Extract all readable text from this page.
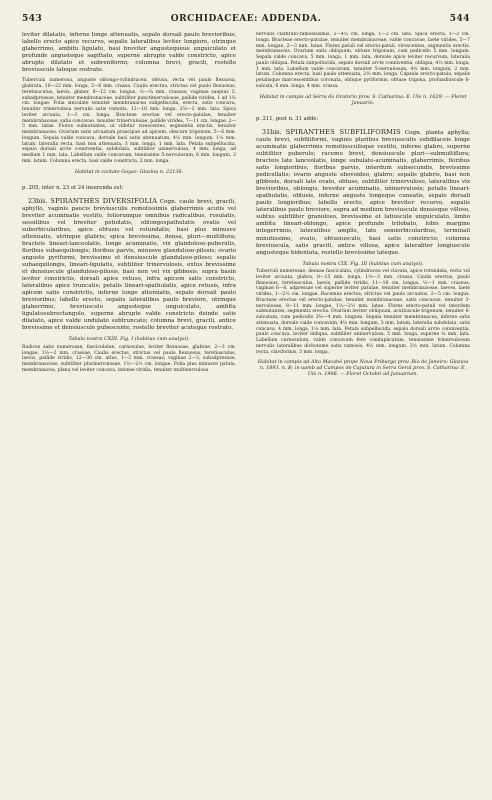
543	ORCHIDACEAE: ADDENDA.	544

leviter dilatatis, inferne longe attenuatis, sepalo dorsali paulo brevioribus; labello erecto apice recurvo, sepalis lateralibus leviter longiore, utrinque glaberrimo, ambitu ligulato, basi breviter angustequeue unguiculato et profunde angusteque sagittato, superne abrupte valde constricto, apice abrupte dilatato et subreniformi; columna brevi, gracili, rostello breviuscule lateque rostrato.

Tubercula numerosa, anguste oblongo-cylindracea, obtusa, recta vel paulo flexuosa, glabrata, 10—22 mm. longa, 2—6 mm. crassa. Caulis erectus, strictus vel paulo flexuosus, teretiusculus, laevis, glaber, 8—12 cm. longus, ¹⁄₂—³⁄₄ mm. crassus; vaginae saepius 3, subadpressae, tenuiter membranaceae, subtiliter punctimervulosae, pallide virides, 1 ad 1¹⁄₂ cm. longae. Folia sinculate tenuiter membranacea subpellucida, erecta, satis concava, tenuiter trinervulosa nervulis satis remotis, 12—16 mm. longa, 2³⁄₄—3 mm. lata. Spica leviter arcuata, 1—3 cm. longa. Bracteae erectae vel erecto-patulae, tenuiter membranaceae, satis concavae, tenuiter trinervulosae, pallide virides, 7—11 cm. longae, 2—3 mm. latae. Flores subnutantes, ut videtur virescentes, segmentis erectis, tenuiter membranaceis. Ovarium satis arcuatum praecipue ad apicem, obscure trigonum, 5—6 mm. longum. Sepala valde concava, dorsale basi satis attenuatum, 4¹⁄₂ mm. longum, 1¹⁄₂ mm. latum, lateralia recta, basi non attenuata, 3 mm. longa, 1 mm. lata. Petala subpellucida, sepalo dorsali arcte conniventia, subdolata, subtiliter uninervulosa, 4 mm. longa, ad medium 1 mm. lata. Labellum valde concavum, tenuissime 5-nervulosum, 6 mm. longum, 2 mm. latum. Columna erecta, basi valde constricta, 2 mm. longa.

Habitat in civitate Goyaz: Glaziou n. 22138.

p. 205, inter n. 23 et 24 inserenda est:

23bis. SPIRANTHES DIVERSIFOLIA Cogn. caule brevi, gracili, aphyllo, vaginis paucis breviusculis remotissimis glaberrimis acutis vel breviter acuminatis vestito, foliorumque omnibus radicalibus, rosulatis, sessilibus vel breviter petiolatis, oblongospathulatis ovatis vel suborbicularibus, apice obtusis vel rotundatis, basi plus minusve attenuatis, utrinque glabris; spica brevissima, densa, pluri—multiflora; bracteis lineari-lanceolatis, longe acuminatis, vix glandoloso-puberulis, floribus subaequilongis; floribus parvis, minusve glanduloso-pilosis; ovario anguste pyriformi, brevissime et densiuscule glanduloso-piloso; sepalis subaequilongis, lineari-ligulatis, subtiliter trinervulosis, extus brevissime et densiuscule glanduloso-pilosis, basi non vel vix gibbosis, supra basin leviter constrictis, dorsali apice retuso, infra apicem satis constricto, lateralibus apice truncatis; petalis lineari-spathulatis, apice retusis, infra apicem satis constrictis, inferne longe attenuatis, sepalo dorsali paulo brevioribus; labello erecto, sepalis lateralibus paulo breviore, utrinque glaberrimo, breviusculo angusteque unguiculato, ambitu ligulatosubrectangulo, superne abrupte valde constricto deinde satis dilatato, apice valde undulato subtruncato; columna brevi, gracili, antice brevissime et densiuscule pubescente, rostello breviter acuteque rostrato.

Tabula nostra CXIII. Fig. I (habitus cum analysi).

Radices satis numerosae, fasciculatae, carnosulae, leviter flexuosae, glabrae, 2—3 cm. longae, 1¹⁄₂—2 mm. crassae. Caulis erectus, strictus vel paulo flexuosus, teretiusculus, laevis, pallide viridis, 12—30 cm. altus, 1—2 mm. crassus; vaginae 2—3, subadpressae, membranaceae, subtiliter plurinervulosae, 1¹⁄₂—2¹⁄₂ cm. longae. Folia plus minusve patula, membranacea, plana vel leviter concava, intense viridia, tenuiter multinervulosa

nervulis clathrato-ramosissimis, 2—4¹⁄₂ cm. longa, 1—2 cm. lata. Spica erecta, 1—2 cm. longa. Bracteae erecto-patulae, tenuiter membranaceae, valde concavae, laete virides, 5—7 mm. longae, 2—3 mm. latae. Flores patuli vel erecto-patuli, virescentes, segmentis erectis, membranaceis. Ovarium satis obliquum, obtuse trigonum, cum pedicello 5 mm. longum. Sepala valde concava, 5 mm. longa, 1 mm. lata, dorsale apice leviter recurvum, lateralia paulo obliqua. Petala subpellucida, sepalo dorsali arcte conniventia, obliqua, 4¹⁄₂ mm. longa, 1 mm. lata. Labellum valde concavum, tenuiter 5-nervulosum, 4¹⁄₂ mm. longum, 2 mm. latum. Columna erecta, basi paulo attenuata, 2¹⁄₂ mm. longa. Capsula erecto-patula, sepalis petalisque marcescentibus coronata, oblique pyriformis, obtuse trigona, profundiuscule 6-sulcata, 6 mm. longa, 4 mm. crassa.

Habitat in campis ad Serra do Oratorio prov. S. Catharina: E. Ule n. 1629. — Floret Januario.

p. 211, post n. 31 adde:

31bis. SPIRANTHES SUBFILIFORMIS Cogn. planta aphylla; caule brevi, subfiliformi, vaginis pluribus breviusculis subdilaceis longe acuminatis glaberrimis remotiusculisque vestito, inferne glabro, superne subtiliter puberulo; racemo brevi, densiuscule pluri—submultiflora; bracteis late lanceolatis, longe subulato-acuminatis, glaberrimis, floribus satis longioribus; floribus parvis, interdum subsecundis, brevissime pedicellatis; ovario anguste obovoideo, glabro; sepalis glabris, basi non gibbosis, dorsali late ovato, obtuso, subtiliter trinervuloso, lateralibus vix brevioribus, oblongis, breviter acuminatis, uninervulosis; petalis lineari-spathulatis, obtusis, inferne anguste longeque cuneatis, sepalo dorsali paulo longioribus; labello erecto, apice breviter recurvo, sepalis lateralibus paulo breviore, supra ad medium breviuscule densisque villoso, subtus subtiliter granuloso, brevissime et latiuscule unguiculato, limbo ambitu lineari-oblongo, apice profunde trilobato, lobis margine integerrimis, lateralibus amplis, late semiorbicularibus, terminali minutissimo, ovato, obtusiusculo, basi satis constricto; columna breviuscula, satis gracili, antice villosa, apice lateraliter longiuscule angusteque bidentata, rostello brevissime lateque.

Tabula nostra CIX. Fig. III (habitus cum analysi).

Tuberculi numerosae, densae fasciculata, cylindracea vel clavata, apice rotundata, recta vel leviter arcuata, glabra, 8—15 mm. longa, 1¹⁄₂—3 mm. crassa. Caulis erectus, paulo flexuosus, teretiusculus, laevis, pallide viridis, 11—18 cm. longus, ¹⁄₂—1 mm. crassus; vaginae 6—8, adpressae vel superne leviter patulae, tenuiter membranaceae, laeves, laete virides, 1—2¹⁄₂ cm. longae. Racemus erectus, strictus vel paulo arcuatus, 2—5 cm. longus. Bracteae erectae vel erecto-patulae, tenuiter membranaceae, satis concavae, tenuiter 3-nervulosae, 8—11 mm. longae, 1¹⁄₂—2¹⁄₂ mm. latae. Flores erecto-patuli vel interdum subnutantes, segmentis erectis. Ovarium leviter obliquum, acutiuscule trigonum, tenuiter 6-sulcatum, cum pedicello 3¹⁄₂—4 mm. longum. Sepala tenuiter membranacea, inferne satis attenuata, dorsale valde concavum, 4¹⁄₂ mm. longum, 3 mm. latum, lateralia subdolata, satis concava, 4 mm. longa, 1¹⁄₂ mm. lata. Petala subpellucida, sepalo dorsali arcte conniventia, paulo concava, leviter obliqua, subtiliter uninervulosa, 5 mm. longa, superne ³⁄₄ mm. lata. Labellum carnosulum, valde concavum fere conduplicatum, tenuissime trinervulosum nervulis lateralibus dichotome satis ramosis, 4¹⁄₂ mm. longum, 3¹⁄₂ mm. latum. Columna recta, claviformis, 3 mm. longa.

Habitat in campis ad Alto Macahé prope Nova Friburgo prov. Rio de Janeiro: Glaziou n. 1893. n. B; in uamb ad Campos de Cajutura in Serra Geral prov. S. Catharina: E. Ule n. 1906. — Floret Octobri ad Januarium.
